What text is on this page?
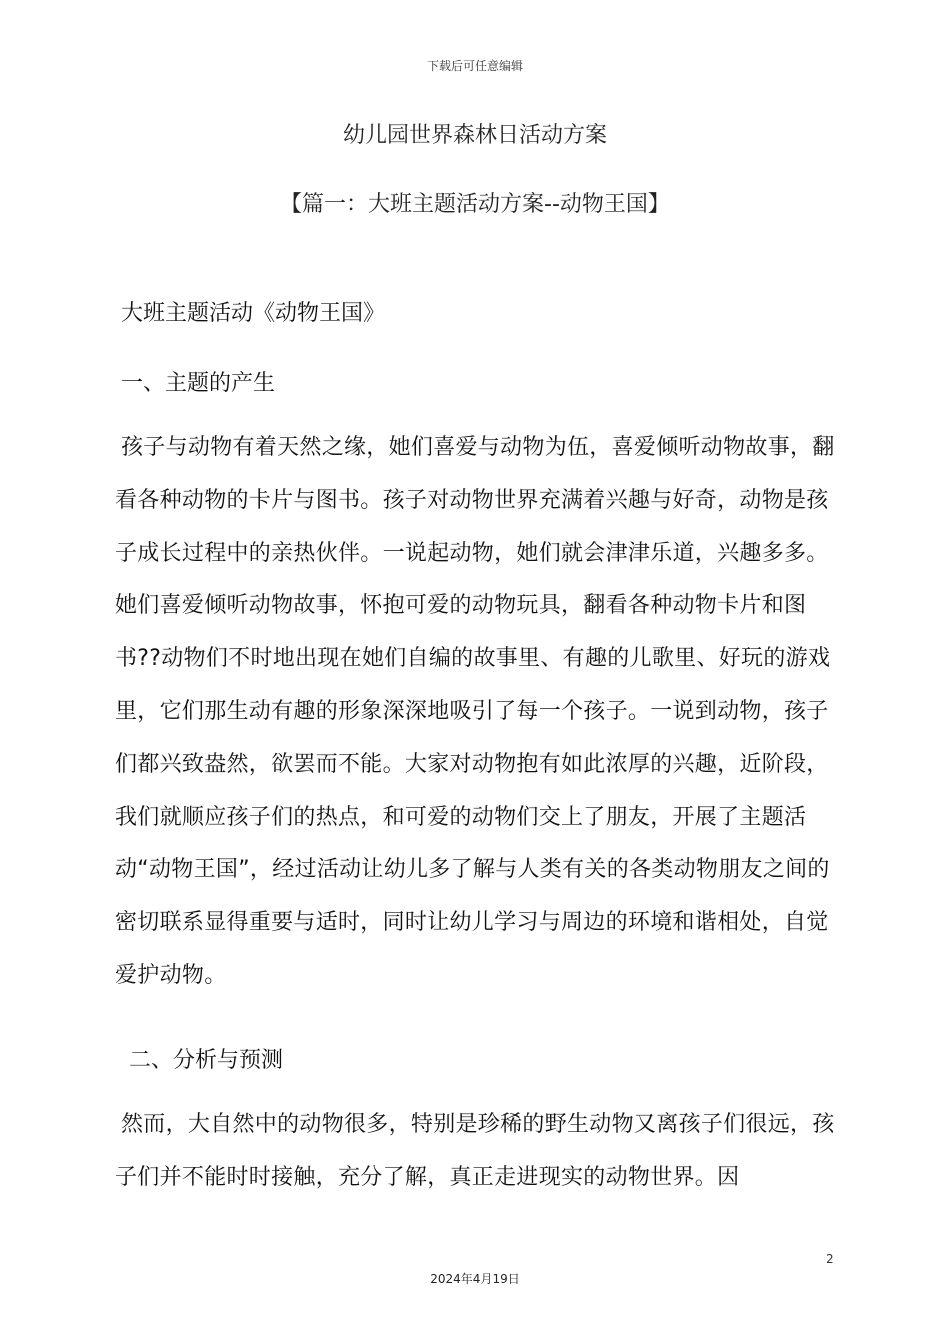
下载后可任意编辑
幼儿园世界森林日活动方案
【篇一：大班主题活动方案--动物王国】
大班主题活动《动物王国》
一、主题的产生

孩子与动物有着天然之缘，她们喜爱与动物为伍，喜爱倾听动物故事，翻看各种动物的卡片与图书。孩子对动物世界充满着兴趣与好奇，动物是孩子成长过程中的亲热伙伴。一说起动物，她们就会津津乐道，兴趣多多。她们喜爱倾听动物故事，怀抱可爱的动物玩具，翻看各种动物卡片和图书??动物们不时地出现在她们自编的故事里、有趣的儿歌里、好玩的游戏里，它们那生动有趣的形象深深地吸引了每一个孩子。一说到动物，孩子们都兴致盎然，欲罢而不能。大家对动物抱有如此浓厚的兴趣，近阶段，我们就顺应孩子们的热点，和可爱的动物们交上了朋友，开展了主题活动“动物王国”，经过活动让幼儿多了解与人类有关的各类动物朋友之间的密切联系显得重要与适时，同时让幼儿学习与周边的环境和谐相处，自觉爱护动物。

二、分析与预测

然而，大自然中的动物很多，特别是珍稀的野生动物又离孩子们很远，孩子们并不能时时接触，充分了解，真正走进现实的动物世界。因

2
2024年4月19日
